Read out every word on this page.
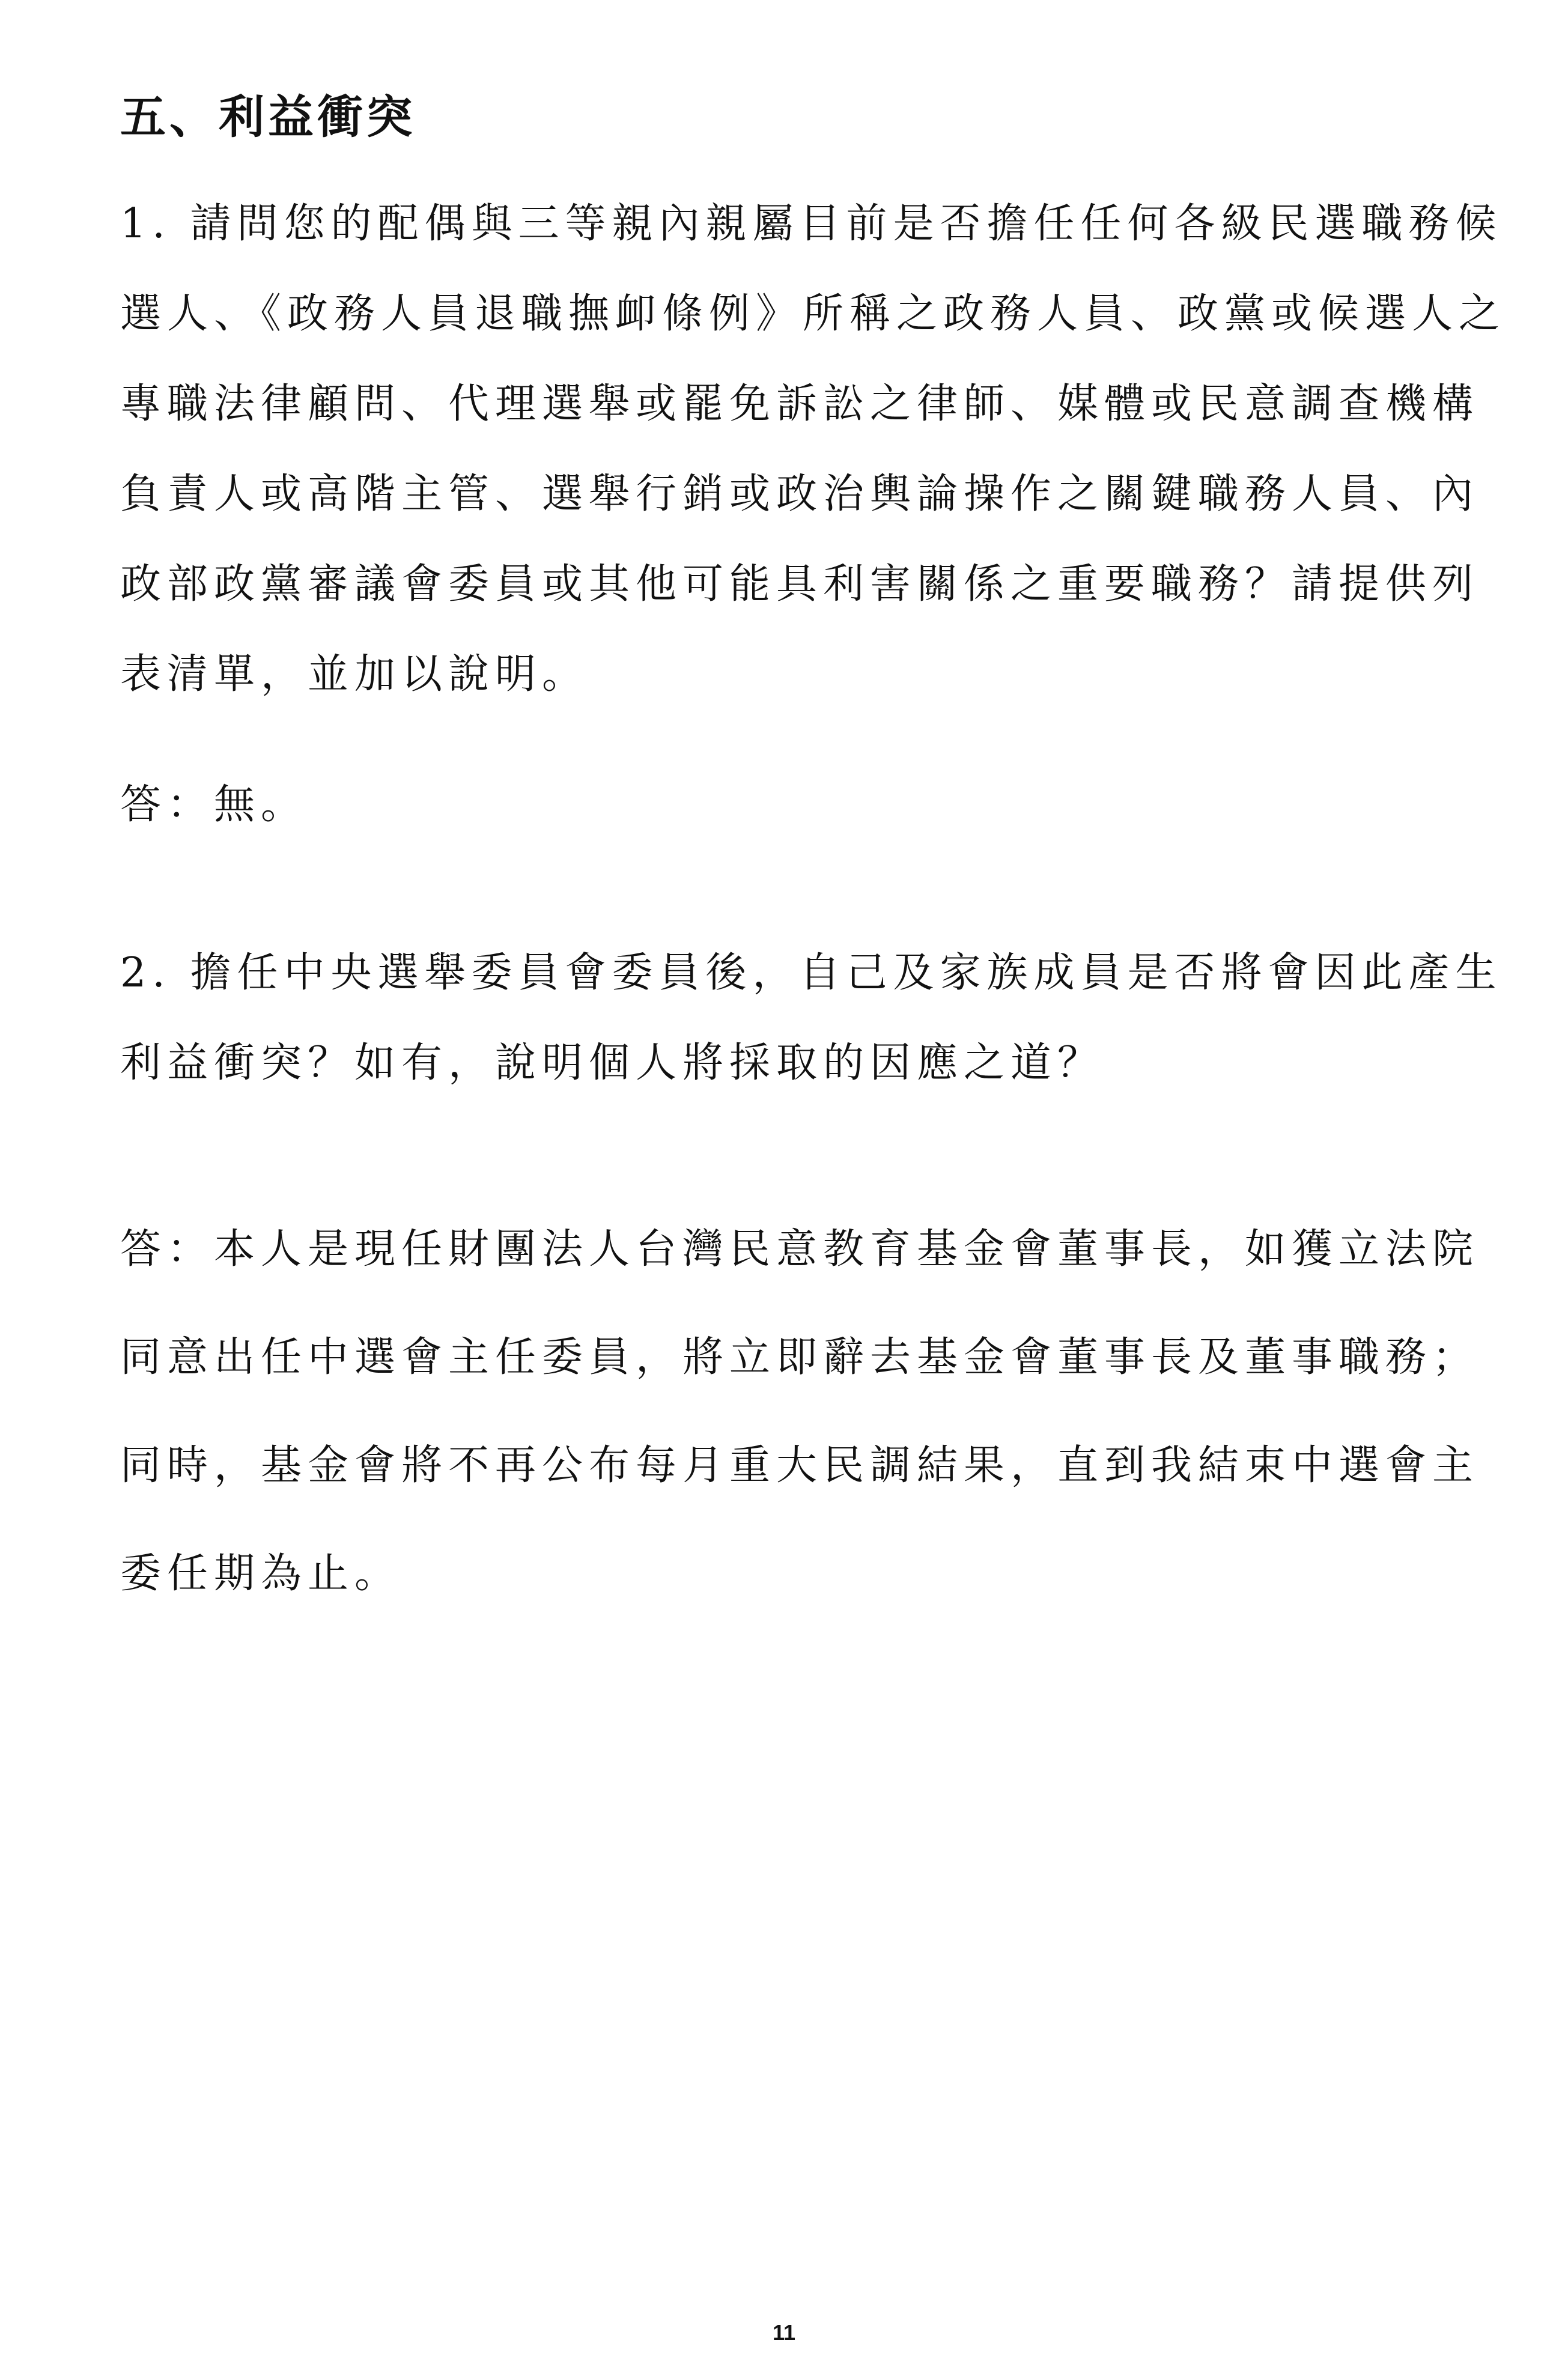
五、利益衝突
1. 請問您的配偶與三等親內親屬目前是否擔任任何各級民選職務候
選人、《政務人員退職撫卹條例》所稱之政務人員、政黨或候選人之
專職法律顧問、代理選舉或罷免訴訟之律師、媒體或民意調查機構
負責人或高階主管、選舉行銷或政治輿論操作之關鍵職務人員、內
政部政黨審議會委員或其他可能具利害關係之重要職務？請提供列
表清單，並加以說明。
答：無。
2. 擔任中央選舉委員會委員後，自己及家族成員是否將會因此產生
利益衝突？如有，說明個人將採取的因應之道？
答：本人是現任財團法人台灣民意教育基金會董事長，如獲立法院
同意出任中選會主任委員，將立即辭去基金會董事長及董事職務；
同時，基金會將不再公布每月重大民調結果，直到我結束中選會主
委任期為止。
11
